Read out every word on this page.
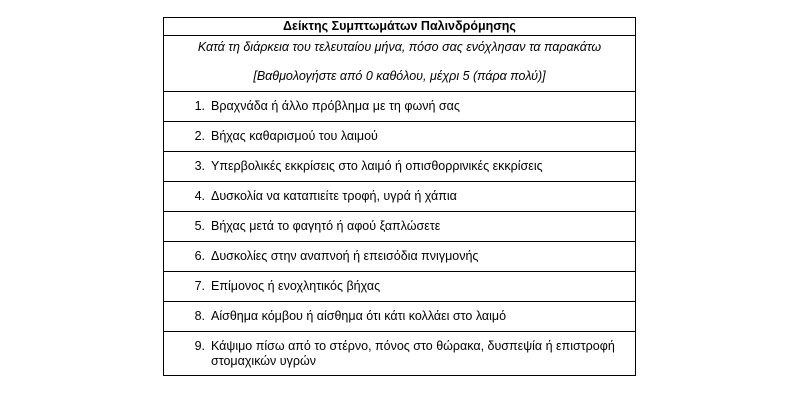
Δείκτης Συμπτωμάτων Παλινδρόμησης
Κατά τη διάρκεια του τελευταίου μήνα, πόσο σας ενόχλησαν τα παρακάτω
[Βαθμολογήστε από 0 καθόλου, μέχρι 5 (πάρα πολύ)]
1. Βραχνάδα ή άλλο πρόβλημα με τη φωνή σας
2. Βήχας καθαρισμού του λαιμού
3. Υπερβολικές εκκρίσεις στο λαιμό ή οπισθορρινικές εκκρίσεις
4. Δυσκολία να καταπιείτε τροφή, υγρά ή χάπια
5. Βήχας μετά το φαγητό ή αφού ξαπλώσετε
6. Δυσκολίες στην αναπνοή ή επεισόδια πνιγμονής
7. Επίμονος ή ενοχλητικός βήχας
8. Αίσθημα κόμβου ή αίσθημα ότι κάτι κολλάει στο λαιμό
9. Κάψιμο πίσω από το στέρνο, πόνος στο θώρακα, δυσπεψία ή επιστροφή στομαχικών υγρών
